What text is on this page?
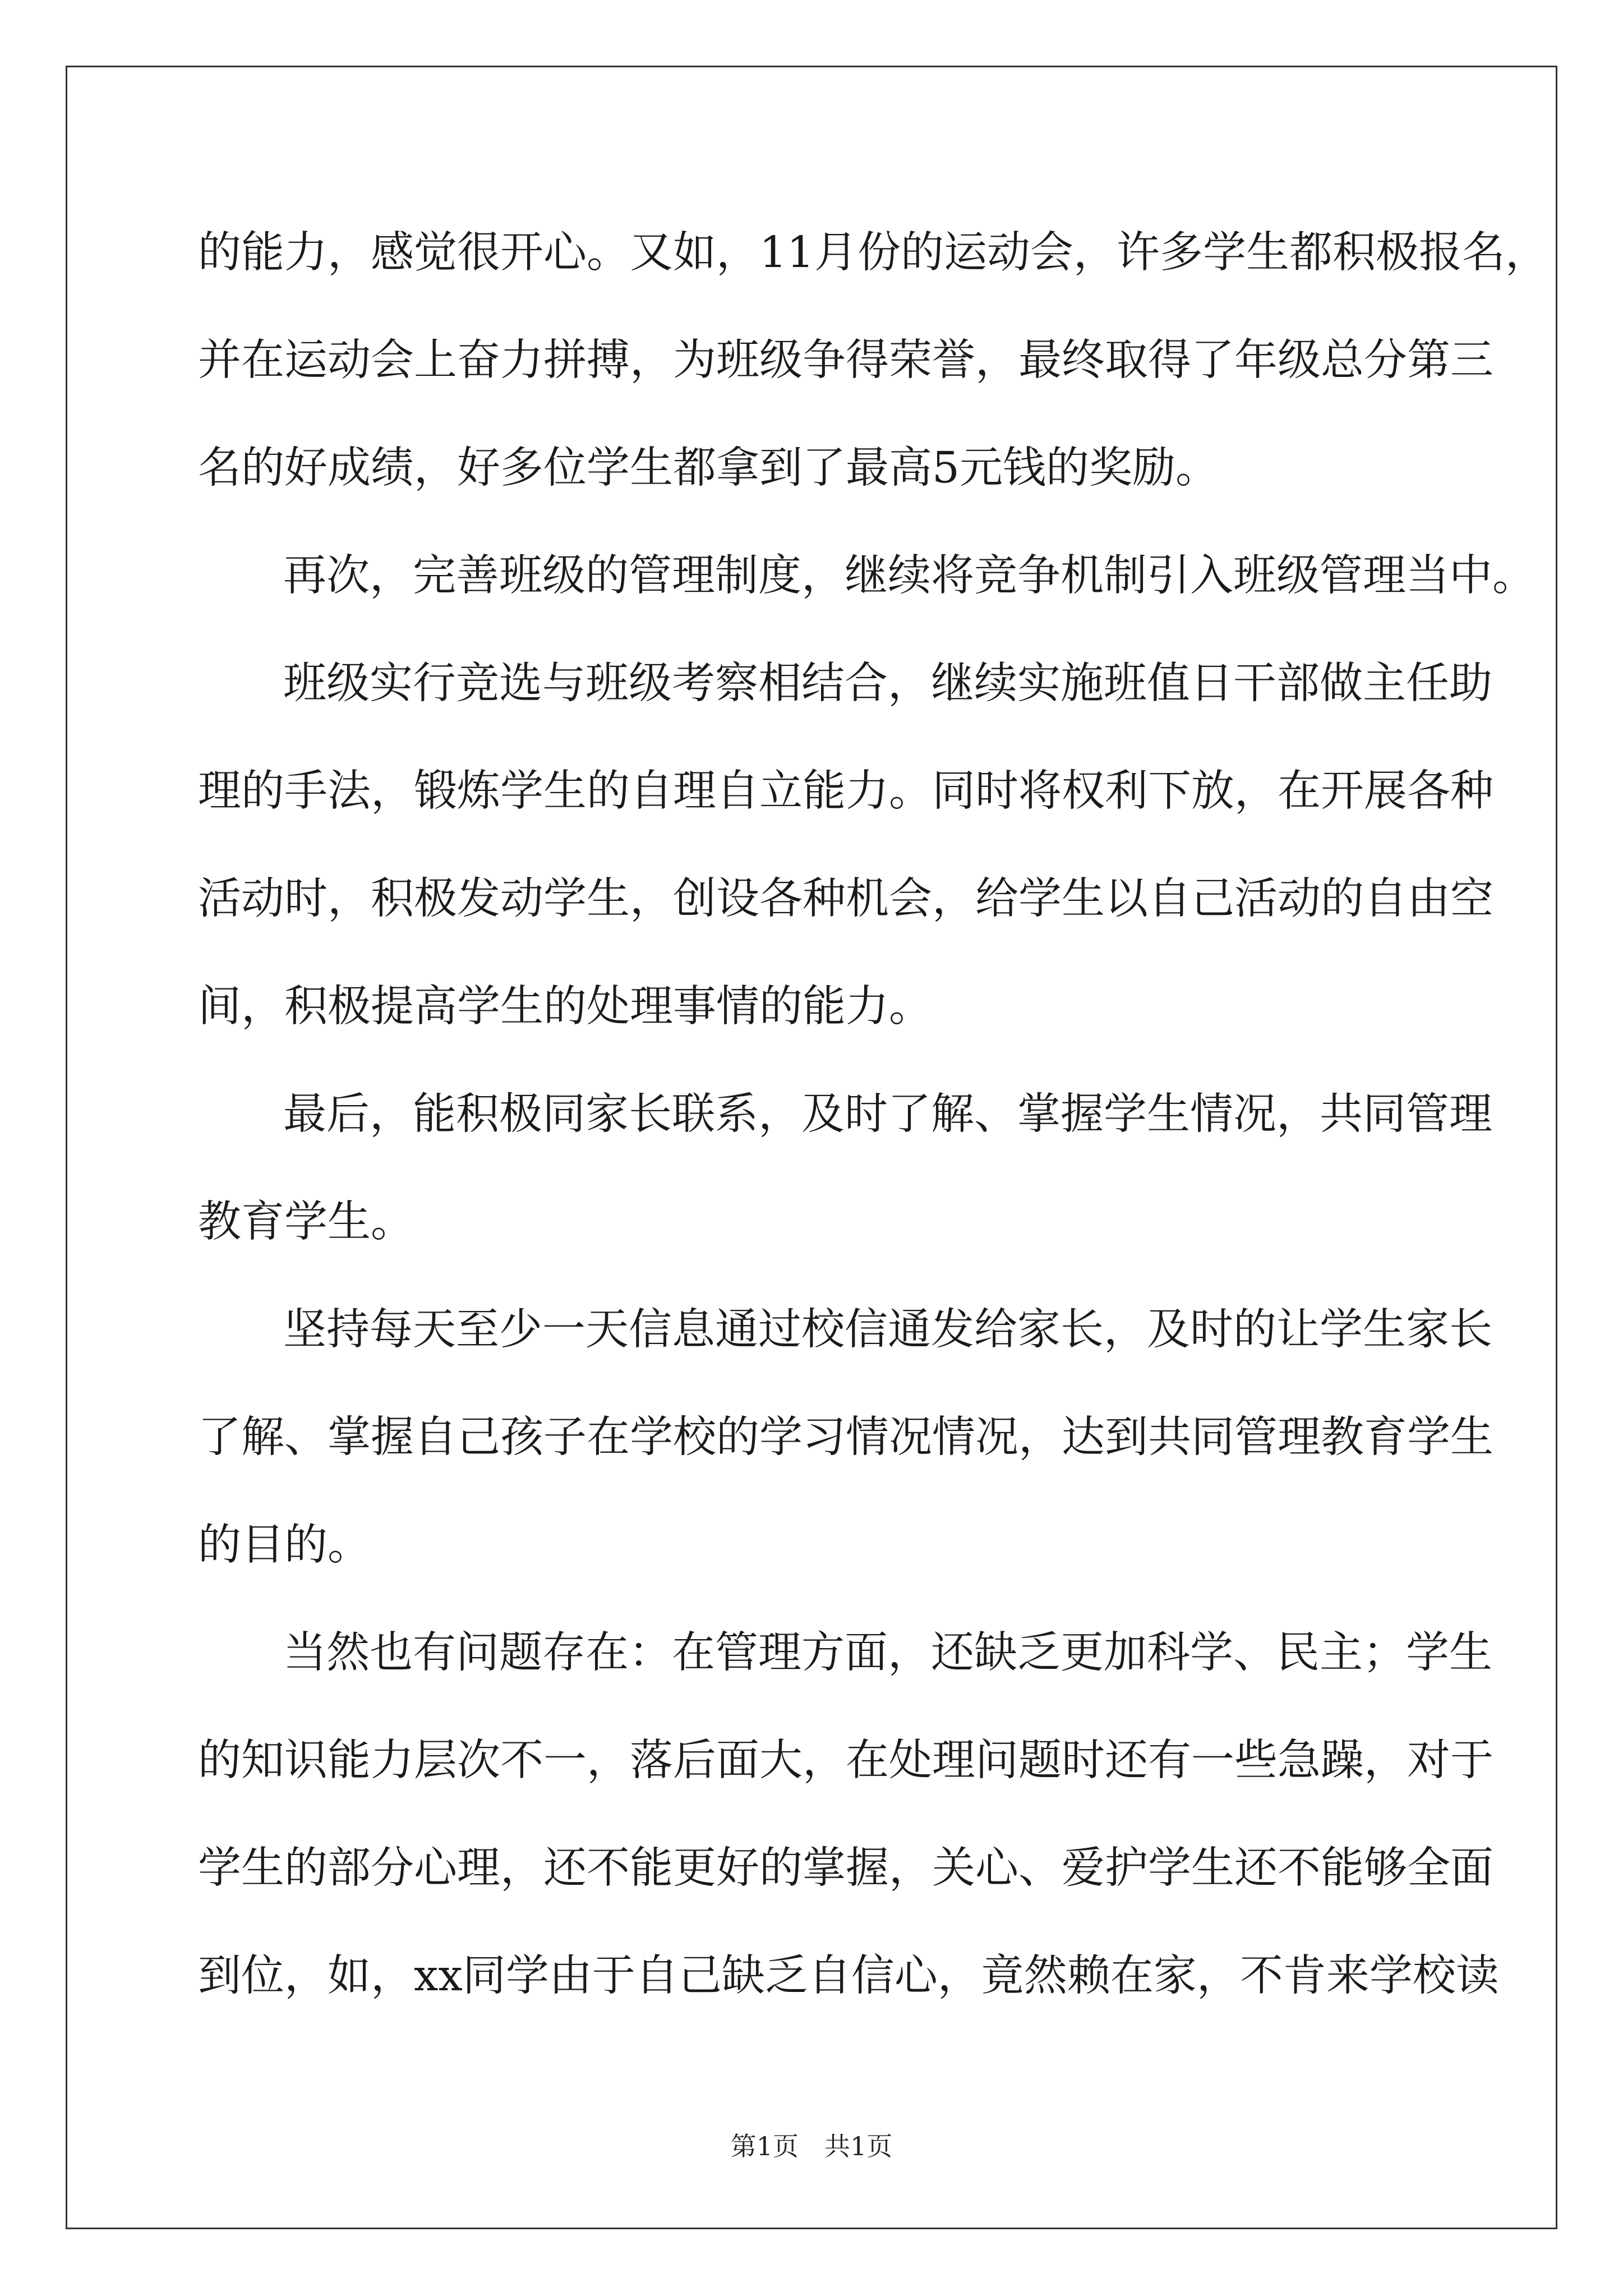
的能力，感觉很开心。又如，11月份的运动会，许多学生都积极报名，
并在运动会上奋力拼搏，为班级争得荣誉，最终取得了年级总分第三
名的好成绩，好多位学生都拿到了最高5元钱的奖励。
再次，完善班级的管理制度，继续将竞争机制引入班级管理当中。
班级实行竞选与班级考察相结合，继续实施班值日干部做主任助
理的手法，锻炼学生的自理自立能力。同时将权利下放，在开展各种
活动时，积极发动学生，创设各种机会，给学生以自己活动的自由空
间，积极提高学生的处理事情的能力。
最后，能积极同家长联系，及时了解、掌握学生情况，共同管理
教育学生。
坚持每天至少一天信息通过校信通发给家长，及时的让学生家长
了解、掌握自己孩子在学校的学习情况情况，达到共同管理教育学生
的目的。
当然也有问题存在：在管理方面，还缺乏更加科学、民主；学生
的知识能力层次不一，落后面大，在处理问题时还有一些急躁，对于
学生的部分心理，还不能更好的掌握，关心、爱护学生还不能够全面
到位，如，xx同学由于自己缺乏自信心，竟然赖在家，不肯来学校读
第1页　共1页
